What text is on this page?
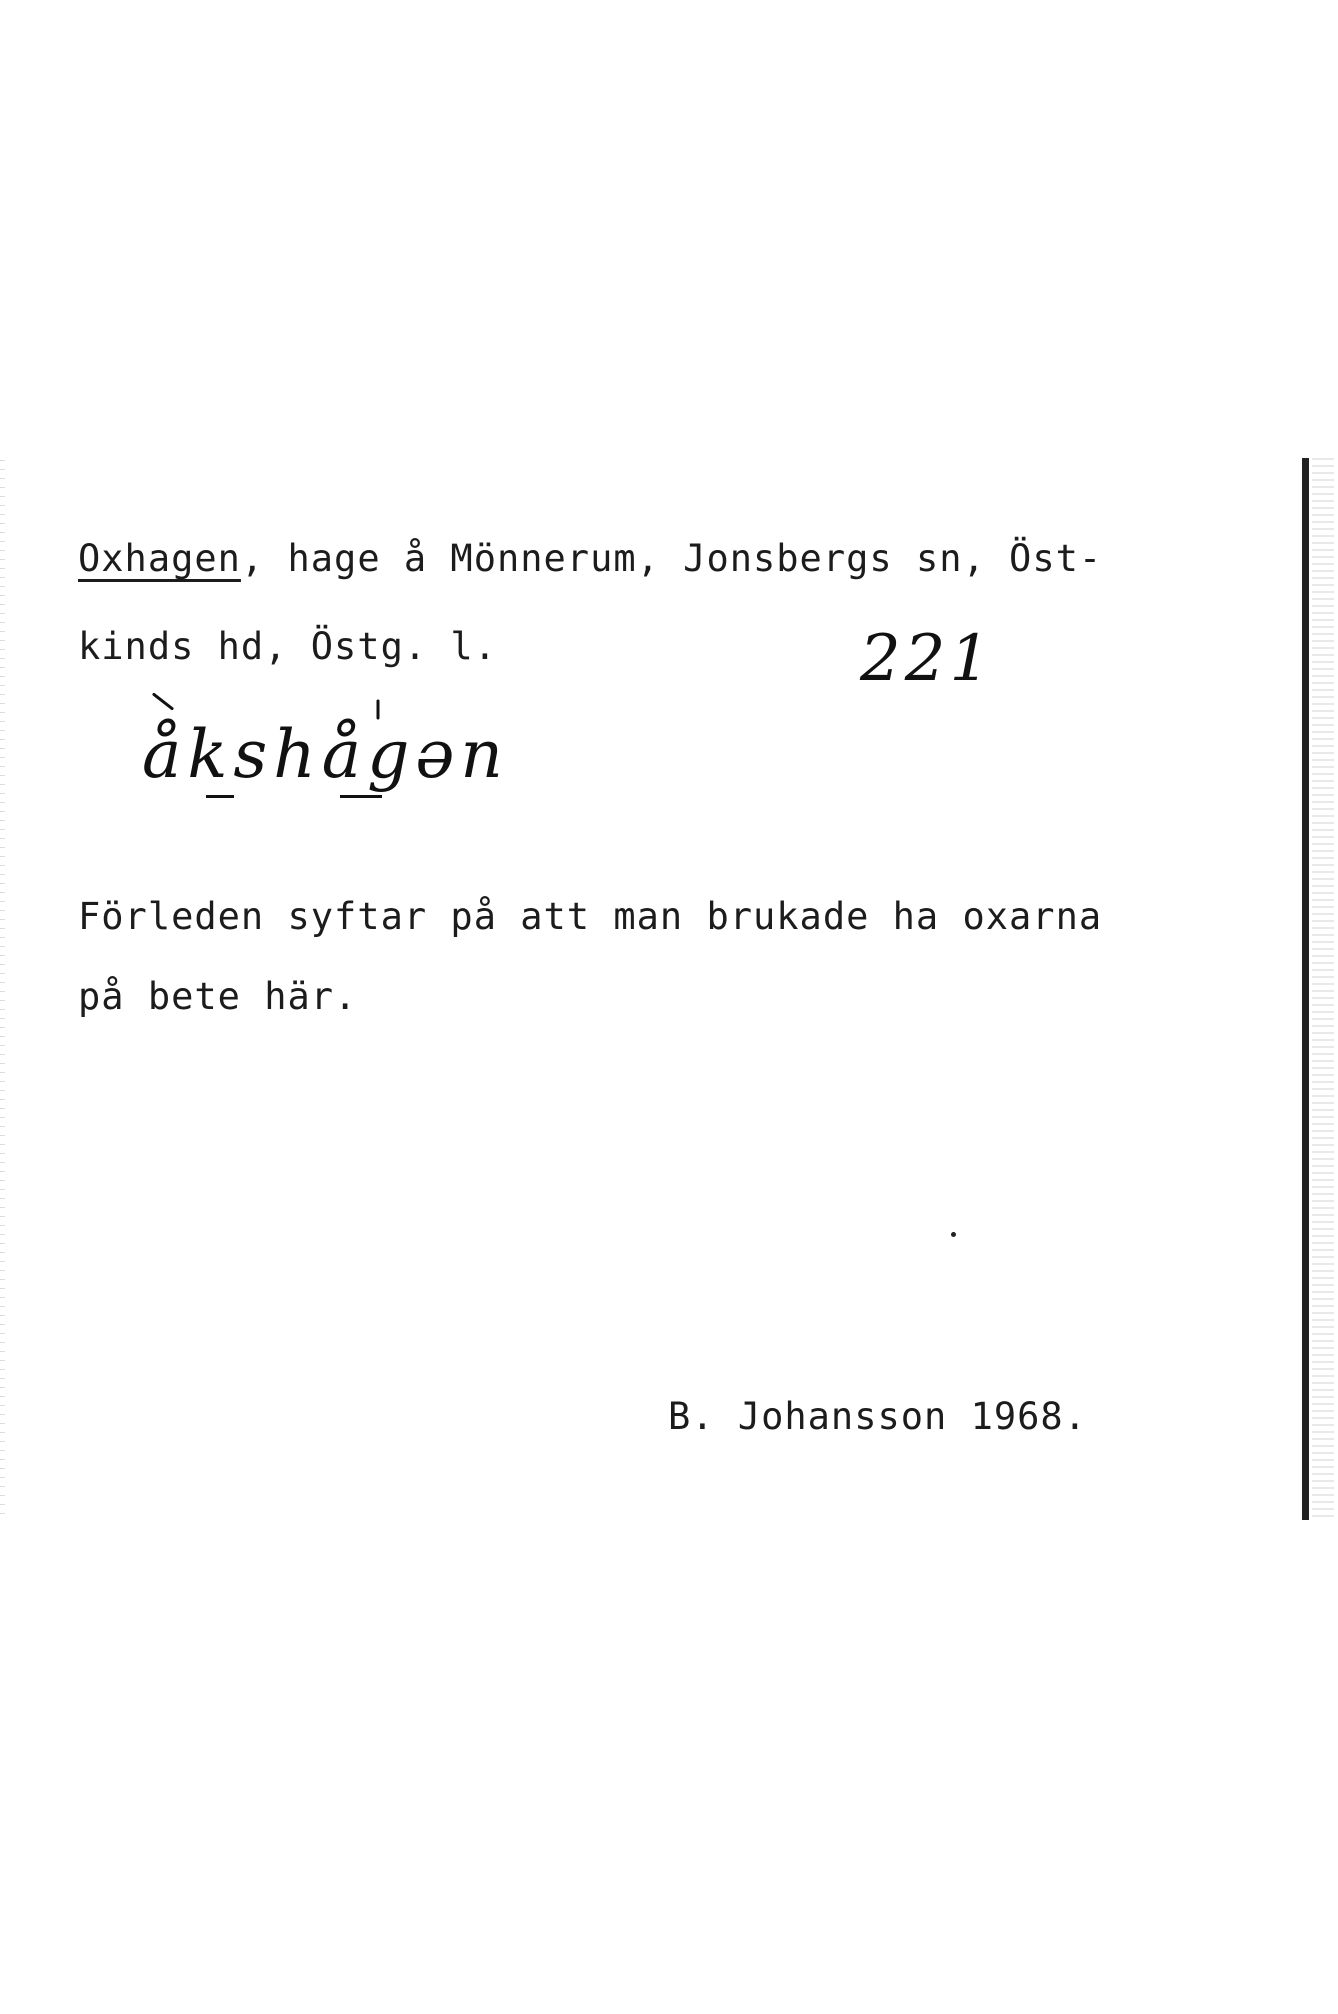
Oxhagen, hage å Mönnerum, Jonsbergs sn, Öst-
kinds hd, Östg. l.	221
åkshågən
Förleden syftar på att man brukade ha oxarna
på bete här.
B. Johansson 1968.
